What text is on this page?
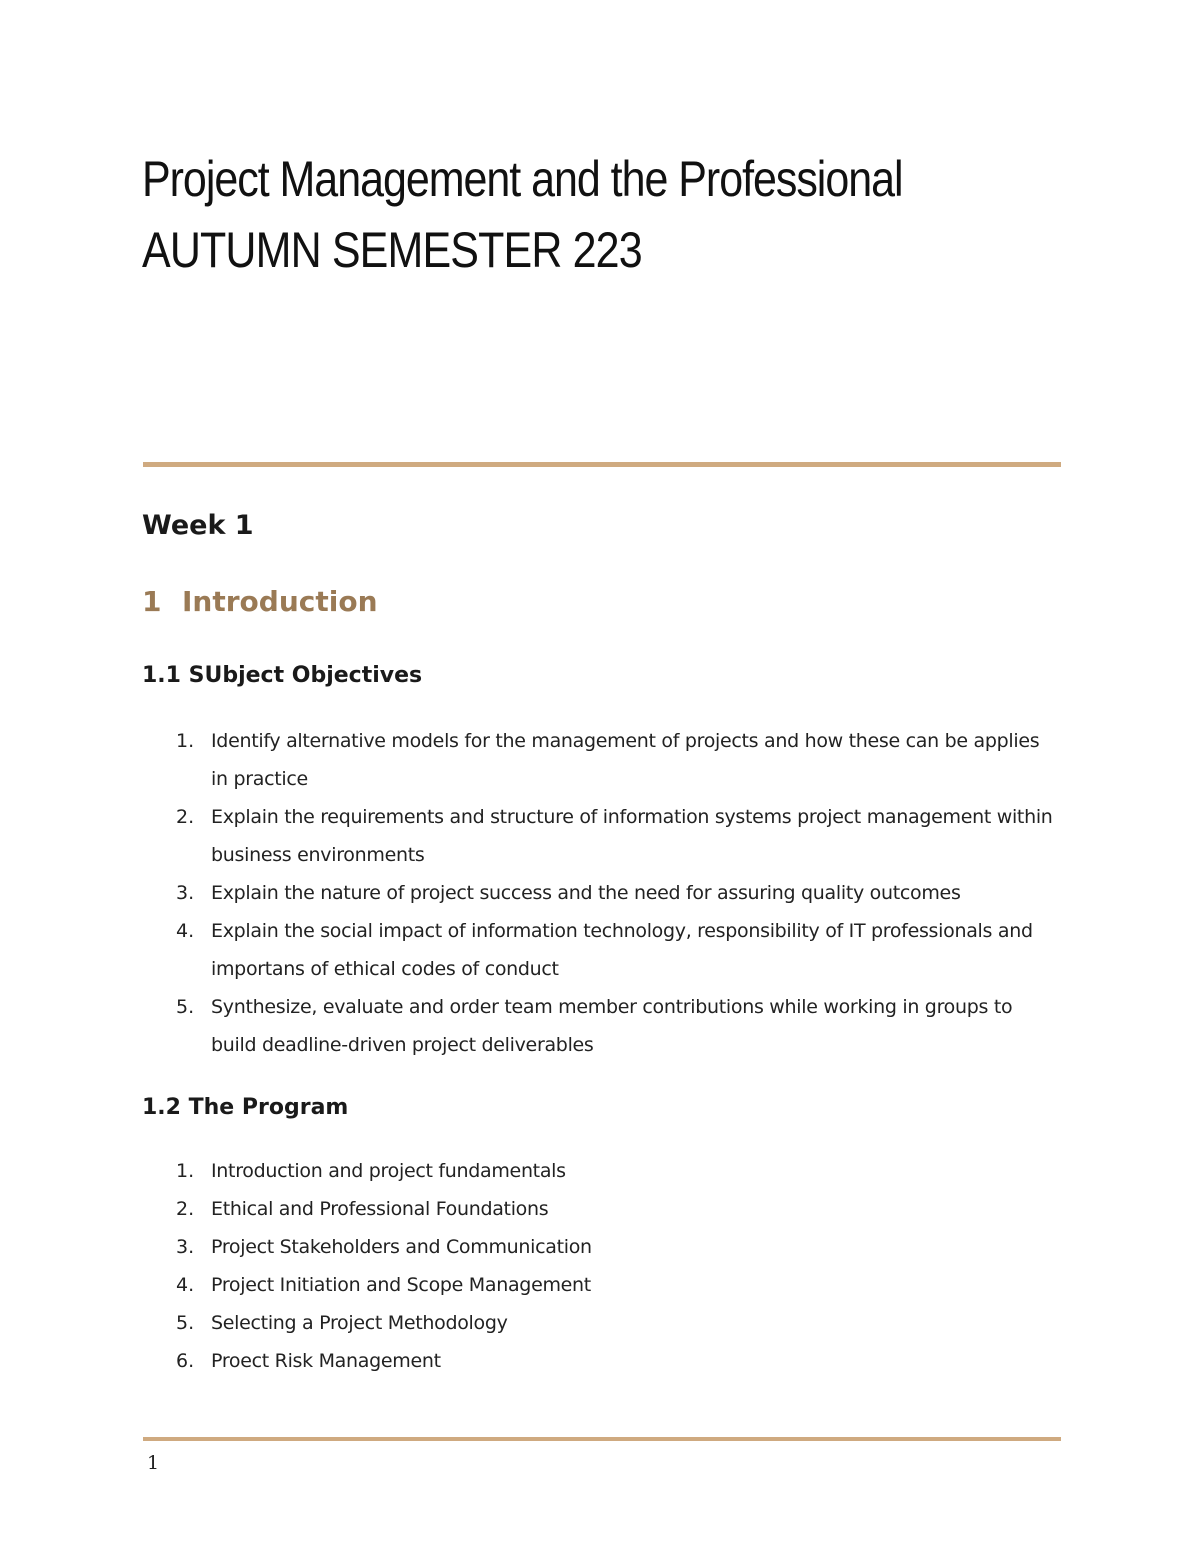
Project Management and the Professional
AUTUMN SEMESTER 223
Week 1
1 Introduction
1.1 SUbject Objectives
1. Identify alternative models for the management of projects and how these can be applies in practice
2. Explain the requirements and structure of information systems project management within business environments
3. Explain the nature of project success and the need for assuring quality outcomes
4. Explain the social impact of information technology, responsibility of IT professionals and importans of ethical codes of conduct
5. Synthesize, evaluate and order team member contributions while working in groups to build deadline-driven project deliverables
1.2 The Program
1. Introduction and project fundamentals
2. Ethical and Professional Foundations
3. Project Stakeholders and Communication
4. Project Initiation and Scope Management
5. Selecting a Project Methodology
6. Proect Risk Management
1
